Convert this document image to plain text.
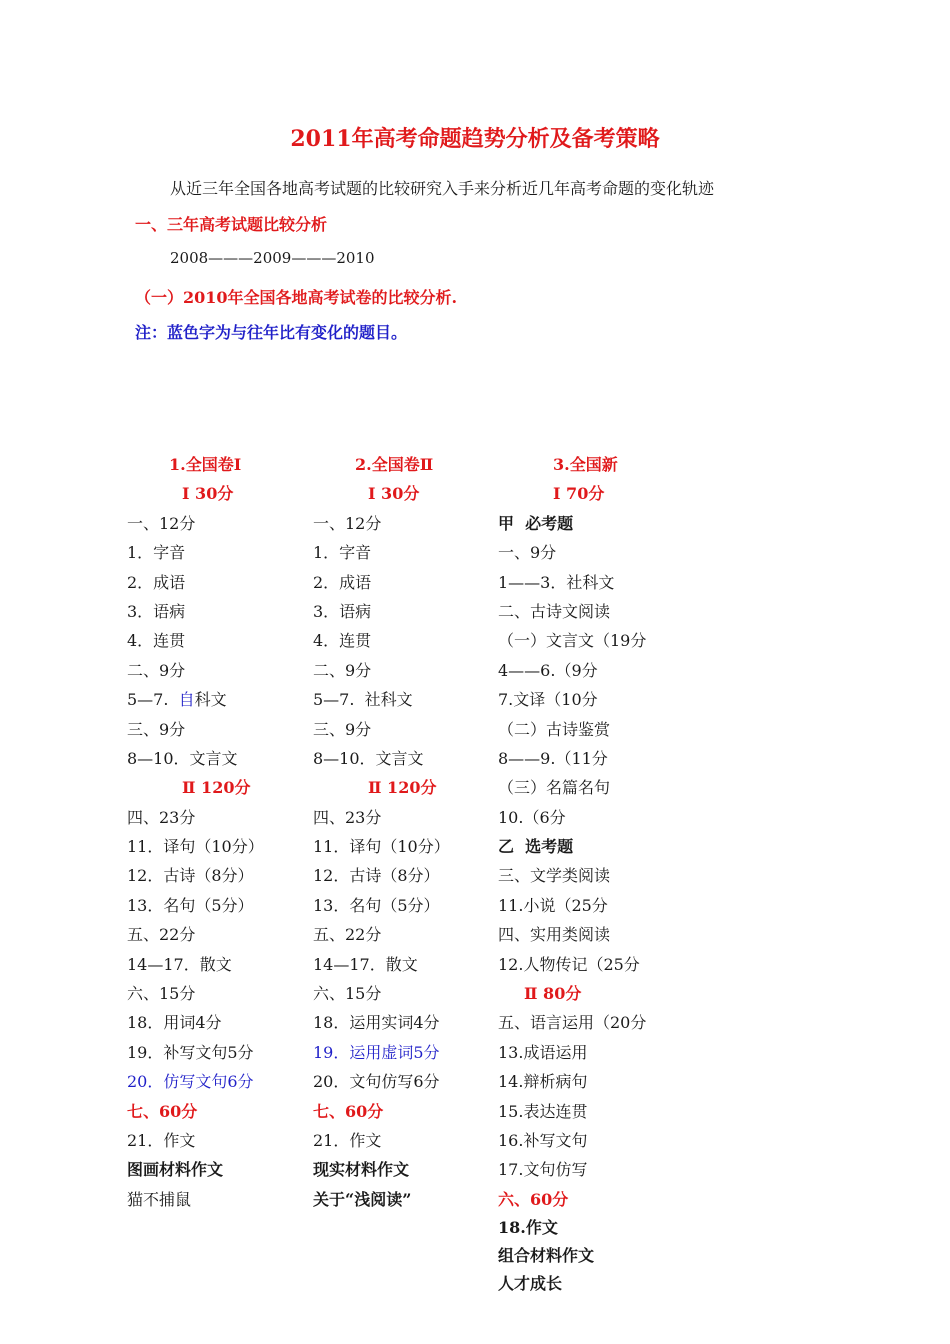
2011年高考命题趋势分析及备考策略
从近三年全国各地高考试题的比较研究入手来分析近几年高考命题的变化轨迹
一、三年高考试题比较分析
2008———2009———2010
（一）2010年全国各地高考试卷的比较分析.
注：蓝色字为与往年比有变化的题目。
1.全国卷Ⅰ
Ⅰ 30分
一、12分
1．字音
2．成语
3．语病
4．连贯
二、9分
5—7.  自科文
三、9分
8—10．文言文
Ⅱ 120分
四、23分
11．译句（10分）
12．古诗（8分）
13．名句（5分）
五、22分
14—17．散文
六、15分
18．用词4分
19．补写文句5分
20．仿写文句6分
七、60分
21．作文
图画材料作文
猫不捕鼠
2.全国卷Ⅱ
Ⅰ 30分
一、12分
1．字音
2．成语
3．语病
4．连贯
二、9分
5—7.  社科文
三、9分
8—10．文言文
Ⅱ 120分
四、23分
11．译句（10分）
12．古诗（8分）
13．名句（5分）
五、22分
14—17．散文
六、15分
18．运用实词4分
19．运用虚词5分
20．文句仿写6分
七、60分
21．作文
现实材料作文
关于“浅阅读”
3.全国新
Ⅰ 70分
甲  必考题
一、9分
1——3．社科文
二、古诗文阅读
（一）文言文（19分
4——6.（9分
7.文译（10分
（二）古诗鉴赏
8——9.（11分
（三）名篇名句
10.（6分
乙  选考题
三、文学类阅读
11.小说（25分
四、实用类阅读
12.人物传记（25分
Ⅱ 80分
五、语言运用（20分
13.成语运用
14.辩析病句
15.表达连贯
16.补写文句
17.文句仿写
六、60分
18.作文
组合材料作文
人才成长
